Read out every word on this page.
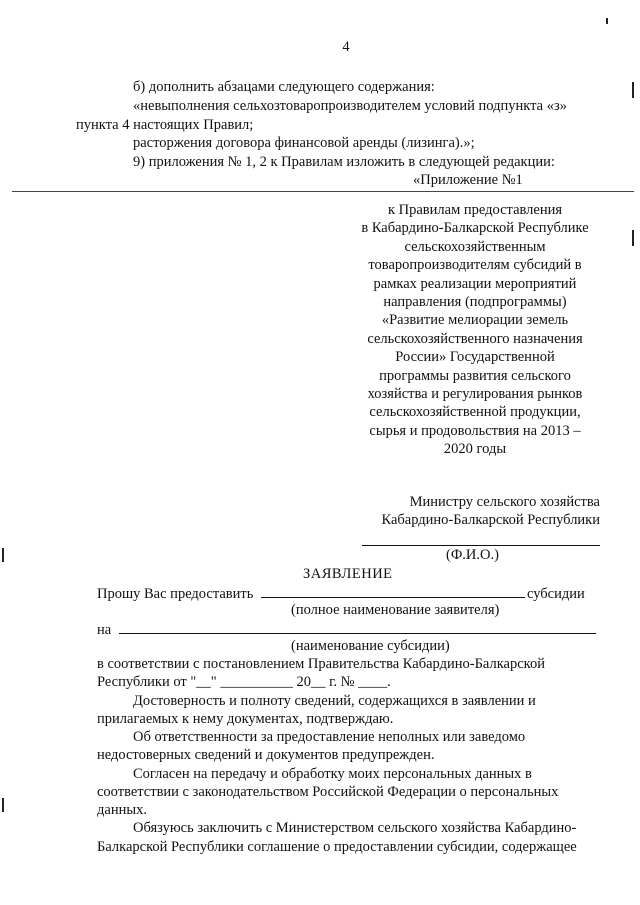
4
б) дополнить абзацами следующего содержания:
«невыполнения сельхозтоваропроизводителем условий подпункта «з»
пункта 4 настоящих Правил;
расторжения договора финансовой аренды (лизинга).»;
9) приложения № 1, 2 к Правилам изложить в следующей редакции:
«Приложение №1
к Правилам предоставления
в Кабардино-Балкарской Республике
сельскохозяйственным
товаропроизводителям субсидий в
рамках реализации мероприятий
направления (подпрограммы)
«Развитие мелиорации земель
сельскохозяйственного назначения
России» Государственной
программы развития сельского
хозяйства и регулирования рынков
сельскохозяйственной продукции,
сырья и продовольствия на 2013 –
2020 годы
Министру сельского хозяйства
Кабардино-Балкарской Республики
(Ф.И.О.)
ЗАЯВЛЕНИЕ
Прошу Вас предоставить	субсидии
(полное наименование заявителя)
на
(наименование субсидии)
в соответствии с постановлением Правительства Кабардино-Балкарской
Республики от "__" __________ 20__ г. № ____.
Достоверность и полноту сведений, содержащихся в заявлении и
прилагаемых к нему документах, подтверждаю.
Об ответственности за предоставление неполных или заведомо
недостоверных сведений и документов предупрежден.
Согласен на передачу и обработку моих персональных данных в
соответствии с законодательством Российской Федерации о персональных
данных.
Обязуюсь заключить с Министерством сельского хозяйства Кабардино-
Балкарской Республики соглашение о предоставлении субсидии, содержащее
